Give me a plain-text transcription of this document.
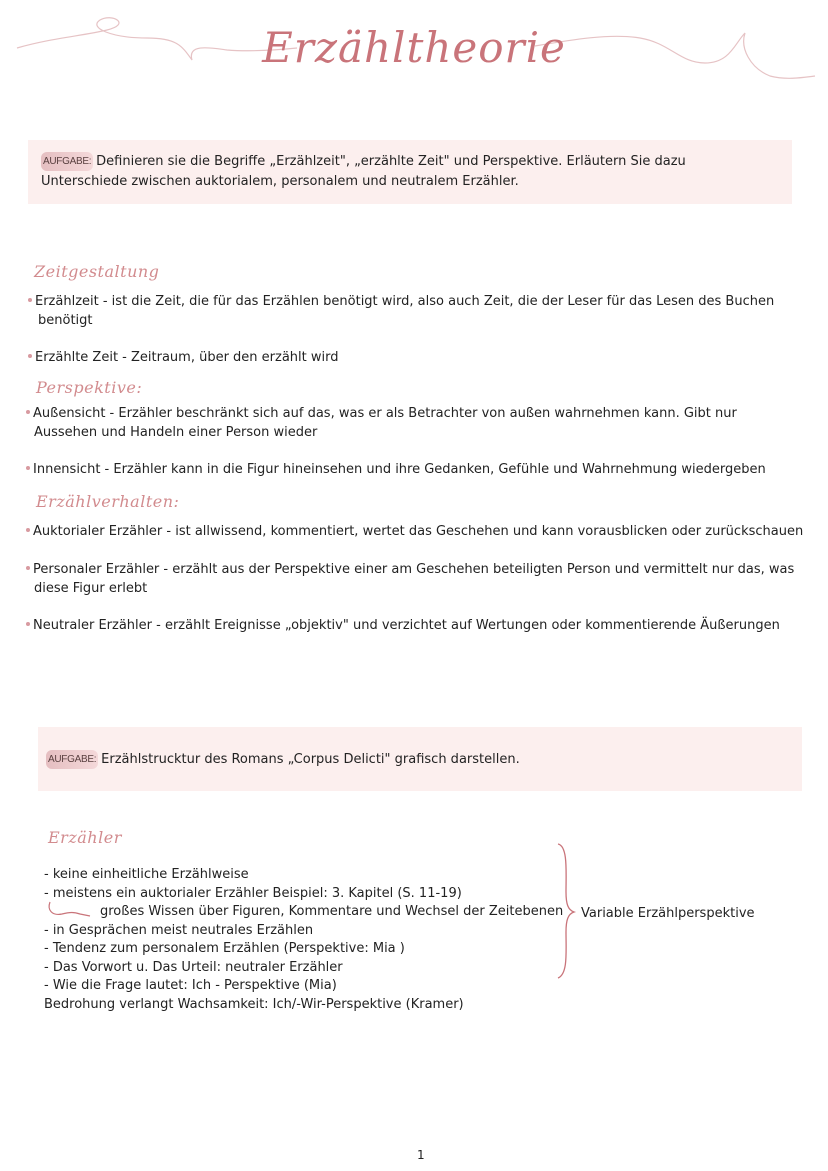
Erzähltheorie
AUFGABE: Definieren sie die Begriffe „Erzählzeit", „erzählte Zeit" und Perspektive. Erläutern Sie dazu
Unterschiede zwischen auktorialem, personalem und neutralem Erzähler.
Zeitgestaltung
Erzählzeit - ist die Zeit, die für das Erzählen benötigt wird, also auch Zeit, die der Leser für das Lesen des Buchen
benötigt
Erzählte Zeit - Zeitraum, über den erzählt wird
Perspektive:
Außensicht - Erzähler beschränkt sich auf das, was er als Betrachter von außen wahrnehmen kann. Gibt nur
Aussehen und Handeln einer Person wieder
Innensicht - Erzähler kann in die Figur hineinsehen und ihre Gedanken, Gefühle und Wahrnehmung wiedergeben
Erzählverhalten:
Auktorialer Erzähler - ist allwissend, kommentiert, wertet das Geschehen und kann vorausblicken oder zurückschauen
Personaler Erzähler - erzählt aus der Perspektive einer am Geschehen beteiligten Person und vermittelt nur das, was
diese Figur erlebt
Neutraler Erzähler - erzählt Ereignisse „objektiv" und verzichtet auf Wertungen oder kommentierende Äußerungen
AUFGABE: Erzählstrucktur des Romans „Corpus Delicti" grafisch darstellen.
Erzähler
- keine einheitliche Erzählweise
- meistens ein auktorialer Erzähler Beispiel: 3. Kapitel (S. 11-19)
großes Wissen über Figuren, Kommentare und Wechsel der Zeitebenen
- in Gesprächen meist neutrales Erzählen
- Tendenz zum personalem Erzählen (Perspektive: Mia )
- Das Vorwort u. Das Urteil: neutraler Erzähler
- Wie die Frage lautet: Ich - Perspektive (Mia)
Bedrohung verlangt Wachsamkeit: Ich/-Wir-Perspektive (Kramer)
Variable Erzählperspektive
1
